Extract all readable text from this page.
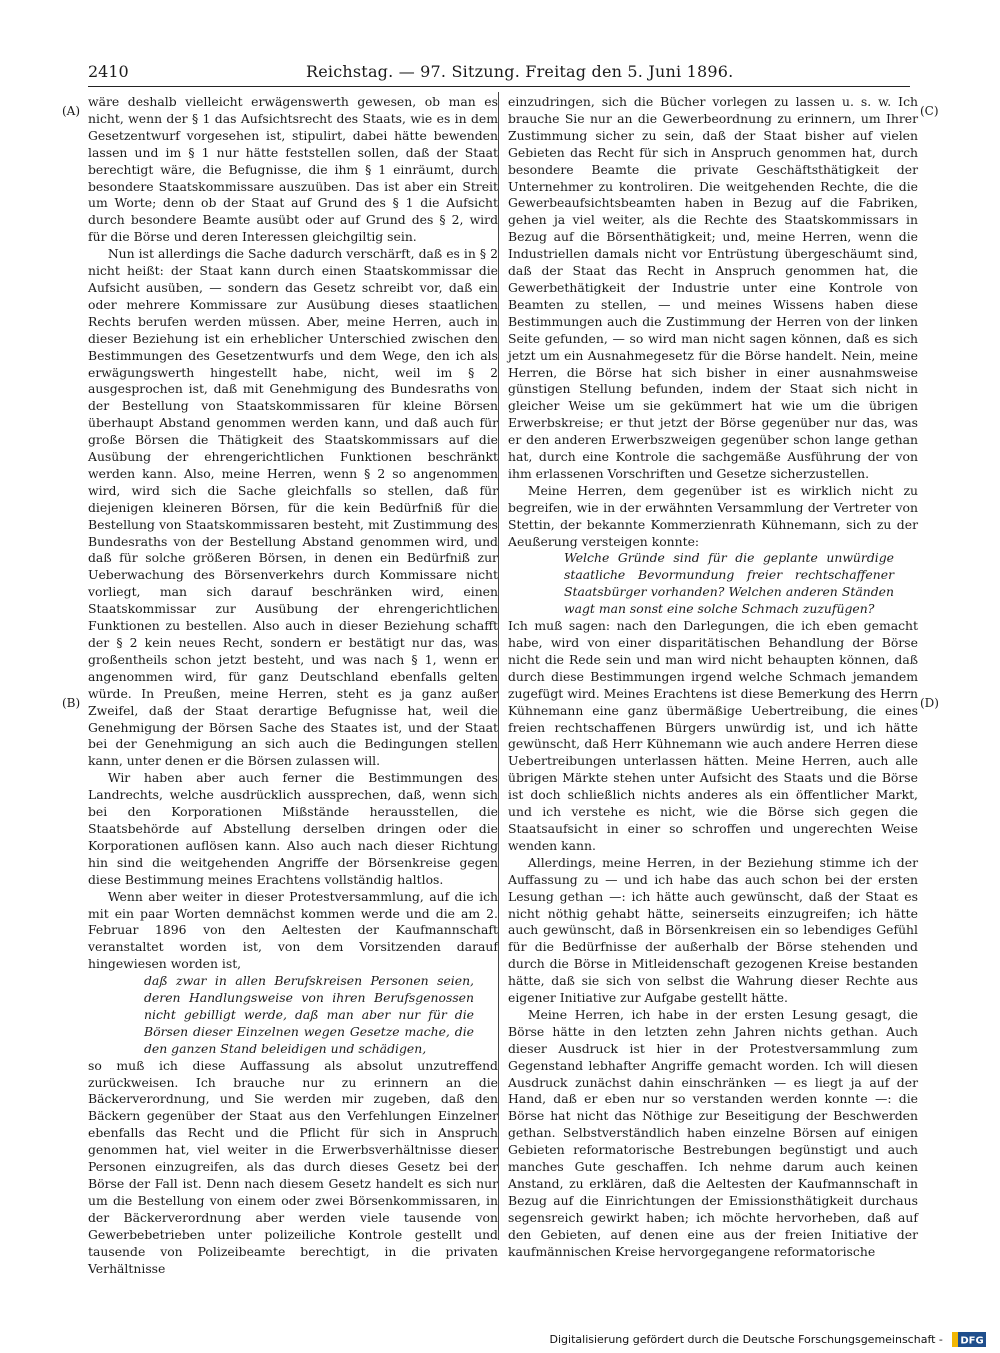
2410	Reichstag. — 97. Sitzung. Freitag den 5. Juni 1896.
(A)
(B)
(C)
(D)

wäre deshalb vielleicht erwägenswerth gewesen, ob man es nicht, wenn der § 1 das Aufsichtsrecht des Staats, wie es in dem Gesetzentwurf vorgesehen ist, stipulirt, dabei hätte bewenden lassen und im § 1 nur hätte feststellen sollen, daß der Staat berechtigt wäre, die Befugnisse, die ihm § 1 einräumt, durch besondere Staatskommissare auszuüben. Das ist aber ein Streit um Worte; denn ob der Staat auf Grund des § 1 die Aufsicht durch besondere Beamte ausübt oder auf Grund des § 2, wird für die Börse und deren Interessen gleichgiltig sein.

Nun ist allerdings die Sache dadurch verschärft, daß es in § 2 nicht heißt: der Staat kann durch einen Staatskommissar die Aufsicht ausüben, — sondern das Gesetz schreibt vor, daß ein oder mehrere Kommissare zur Ausübung dieses staatlichen Rechts berufen werden müssen. Aber, meine Herren, auch in dieser Beziehung ist ein erheblicher Unterschied zwischen den Bestimmungen des Gesetzentwurfs und dem Wege, den ich als erwägungswerth hingestellt habe, nicht, weil im § 2 ausgesprochen ist, daß mit Genehmigung des Bundesraths von der Bestellung von Staatskommissaren für kleine Börsen überhaupt Abstand genommen werden kann, und daß auch für große Börsen die Thätigkeit des Staatskommissars auf die Ausübung der ehrengerichtlichen Funktionen beschränkt werden kann. Also, meine Herren, wenn § 2 so angenommen wird, wird sich die Sache gleichfalls so stellen, daß für diejenigen kleineren Börsen, für die kein Bedürfniß für die Bestellung von Staatskommissaren besteht, mit Zustimmung des Bundesraths von der Bestellung Abstand genommen wird, und daß für solche größeren Börsen, in denen ein Bedürfniß zur Ueberwachung des Börsenverkehrs durch Kommissare nicht vorliegt, man sich darauf beschränken wird, einen Staatskommissar zur Ausübung der ehrengerichtlichen Funktionen zu bestellen. Also auch in dieser Beziehung schafft der § 2 kein neues Recht, sondern er bestätigt nur das, was großentheils schon jetzt besteht, und was nach § 1, wenn er angenommen wird, für ganz Deutschland ebenfalls gelten würde. In Preußen, meine Herren, steht es ja ganz außer Zweifel, daß der Staat derartige Befugnisse hat, weil die Genehmigung der Börsen Sache des Staates ist, und der Staat bei der Genehmigung an sich auch die Bedingungen stellen kann, unter denen er die Börsen zulassen will.

Wir haben aber auch ferner die Bestimmungen des Landrechts, welche ausdrücklich aussprechen, daß, wenn sich bei den Korporationen Mißstände herausstellen, die Staatsbehörde auf Abstellung derselben dringen oder die Korporationen auflösen kann. Also auch nach dieser Richtung hin sind die weitgehenden Angriffe der Börsenkreise gegen diese Bestimmung meines Erachtens vollständig haltlos.

Wenn aber weiter in dieser Protestversammlung, auf die ich mit ein paar Worten demnächst kommen werde und die am 2. Februar 1896 von den Aeltesten der Kaufmannschaft veranstaltet worden ist, von dem Vorsitzenden darauf hingewiesen worden ist,

daß zwar in allen Berufskreisen Personen seien, deren Handlungsweise von ihren Berufsgenossen nicht gebilligt werde, daß man aber nur für die Börsen dieser Einzelnen wegen Gesetze mache, die den ganzen Stand beleidigen und schädigen,

so muß ich diese Auffassung als absolut unzutreffend zurückweisen. Ich brauche nur zu erinnern an die Bäckerverordnung, und Sie werden mir zugeben, daß den Bäckern gegenüber der Staat aus den Verfehlungen Einzelner ebenfalls das Recht und die Pflicht für sich in Anspruch genommen hat, viel weiter in die Erwerbsverhältnisse dieser Personen einzugreifen, als das durch dieses Gesetz bei der Börse der Fall ist. Denn nach diesem Gesetz handelt es sich nur um die Bestellung von einem oder zwei Börsenkommissaren, in der Bäckerverordnung aber werden viele tausende von Gewerbebetrieben unter polizeiliche Kontrole gestellt und tausende von Polizeibeamte berechtigt, in die privaten Verhältnisse

einzudringen, sich die Bücher vorlegen zu lassen u. s. w. Ich brauche Sie nur an die Gewerbeordnung zu erinnern, um Ihrer Zustimmung sicher zu sein, daß der Staat bisher auf vielen Gebieten das Recht für sich in Anspruch genommen hat, durch besondere Beamte die private Geschäftsthätigkeit der Unternehmer zu kontroliren. Die weitgehenden Rechte, die die Gewerbeaufsichtsbeamten haben in Bezug auf die Fabriken, gehen ja viel weiter, als die Rechte des Staatskommissars in Bezug auf die Börsenthätigkeit; und, meine Herren, wenn die Industriellen damals nicht vor Entrüstung übergeschäumt sind, daß der Staat das Recht in Anspruch genommen hat, die Gewerbethätigkeit der Industrie unter eine Kontrole von Beamten zu stellen, — und meines Wissens haben diese Bestimmungen auch die Zustimmung der Herren von der linken Seite gefunden, — so wird man nicht sagen können, daß es sich jetzt um ein Ausnahmegesetz für die Börse handelt. Nein, meine Herren, die Börse hat sich bisher in einer ausnahmsweise günstigen Stellung befunden, indem der Staat sich nicht in gleicher Weise um sie gekümmert hat wie um die übrigen Erwerbskreise; er thut jetzt der Börse gegenüber nur das, was er den anderen Erwerbszweigen gegenüber schon lange gethan hat, durch eine Kontrole die sachgemäße Ausführung der von ihm erlassenen Vorschriften und Gesetze sicherzustellen.

Meine Herren, dem gegenüber ist es wirklich nicht zu begreifen, wie in der erwähnten Versammlung der Vertreter von Stettin, der bekannte Kommerzienrath Kühnemann, sich zu der Aeußerung versteigen konnte:

Welche Gründe sind für die geplante unwürdige staatliche Bevormundung freier rechtschaffener Staatsbürger vorhanden? Welchen anderen Ständen wagt man sonst eine solche Schmach zuzufügen?

Ich muß sagen: nach den Darlegungen, die ich eben gemacht habe, wird von einer disparitätischen Behandlung der Börse nicht die Rede sein und man wird nicht behaupten können, daß durch diese Bestimmungen irgend welche Schmach jemandem zugefügt wird. Meines Erachtens ist diese Bemerkung des Herrn Kühnemann eine ganz übermäßige Uebertreibung, die eines freien rechtschaffenen Bürgers unwürdig ist, und ich hätte gewünscht, daß Herr Kühnemann wie auch andere Herren diese Uebertreibungen unterlassen hätten. Meine Herren, auch alle übrigen Märkte stehen unter Aufsicht des Staats und die Börse ist doch schließlich nichts anderes als ein öffentlicher Markt, und ich verstehe es nicht, wie die Börse sich gegen die Staatsaufsicht in einer so schroffen und ungerechten Weise wenden kann.

Allerdings, meine Herren, in der Beziehung stimme ich der Auffassung zu — und ich habe das auch schon bei der ersten Lesung gethan —: ich hätte auch gewünscht, daß der Staat es nicht nöthig gehabt hätte, seinerseits einzugreifen; ich hätte auch gewünscht, daß in Börsenkreisen ein so lebendiges Gefühl für die Bedürfnisse der außerhalb der Börse stehenden und durch die Börse in Mitleidenschaft gezogenen Kreise bestanden hätte, daß sie sich von selbst die Wahrung dieser Rechte aus eigener Initiative zur Aufgabe gestellt hätte.

Meine Herren, ich habe in der ersten Lesung gesagt, die Börse hätte in den letzten zehn Jahren nichts gethan. Auch dieser Ausdruck ist hier in der Protestversammlung zum Gegenstand lebhafter Angriffe gemacht worden. Ich will diesen Ausdruck zunächst dahin einschränken — es liegt ja auf der Hand, daß er eben nur so verstanden werden konnte —: die Börse hat nicht das Nöthige zur Beseitigung der Beschwerden gethan. Selbstverständlich haben einzelne Börsen auf einigen Gebieten reformatorische Bestrebungen begünstigt und auch manches Gute geschaffen. Ich nehme darum auch keinen Anstand, zu erklären, daß die Aeltesten der Kaufmannschaft in Bezug auf die Einrichtungen der Emissionsthätigkeit durchaus segensreich gewirkt haben; ich möchte hervorheben, daß auf den Gebieten, auf denen eine aus der freien Initiative der kaufmännischen Kreise hervorgegangene reformatorische

Digitalisierung gefördert durch die Deutsche Forschungsgemeinschaft - DFG
